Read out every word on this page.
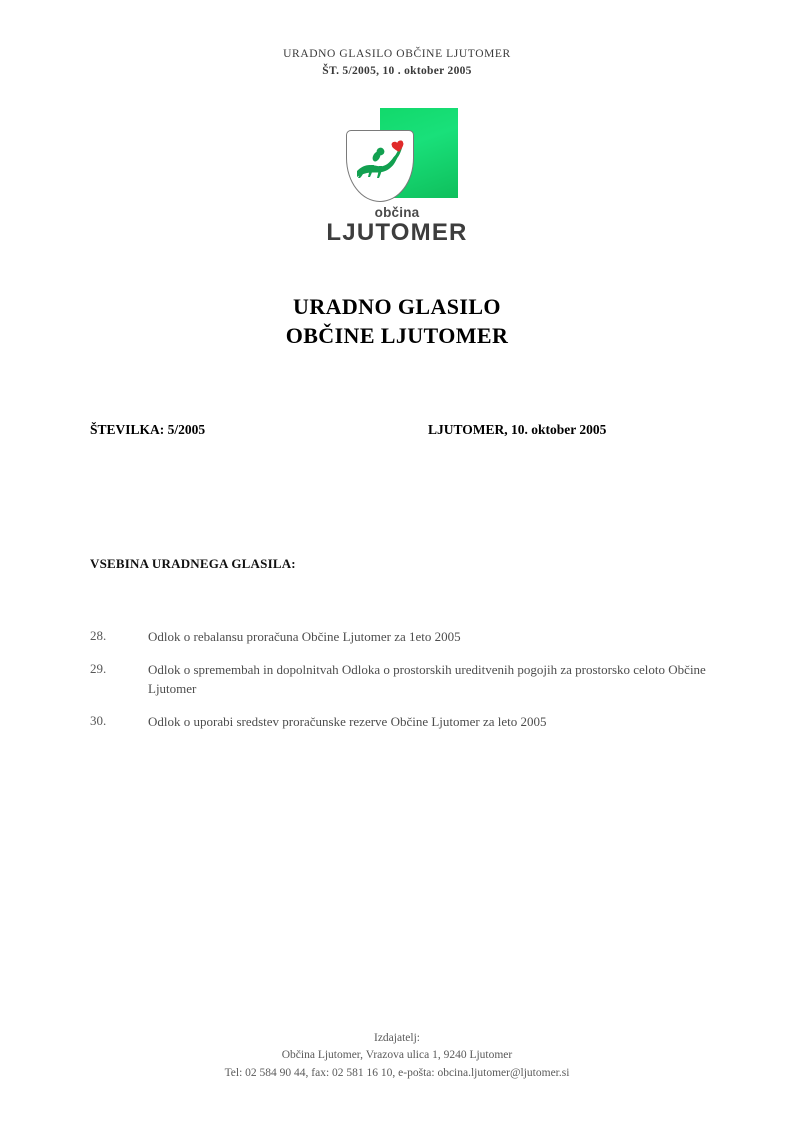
URADNO GLASILO OBČINE LJUTOMER
ŠT. 5/2005, 10 . oktober 2005
občina
LJUTOMER
URADNO GLASILO
OBČINE LJUTOMER
ŠTEVILKA: 5/2005	LJUTOMER, 10. oktober 2005
VSEBINA URADNEGA GLASILA:
28.	Odlok o rebalansu proračuna Občine Ljutomer za 1eto 2005
29.	Odlok o spremembah in dopolnitvah Odloka o prostorskih ureditvenih pogojih za prostorsko celoto Občine Ljutomer
30.	Odlok o uporabi sredstev proračunske rezerve Občine Ljutomer za leto 2005
Izdajatelj:
Občina Ljutomer, Vrazova ulica 1, 9240 Ljutomer
Tel: 02 584 90 44, fax: 02 581 16 10, e-pošta: obcina.ljutomer@ljutomer.si
